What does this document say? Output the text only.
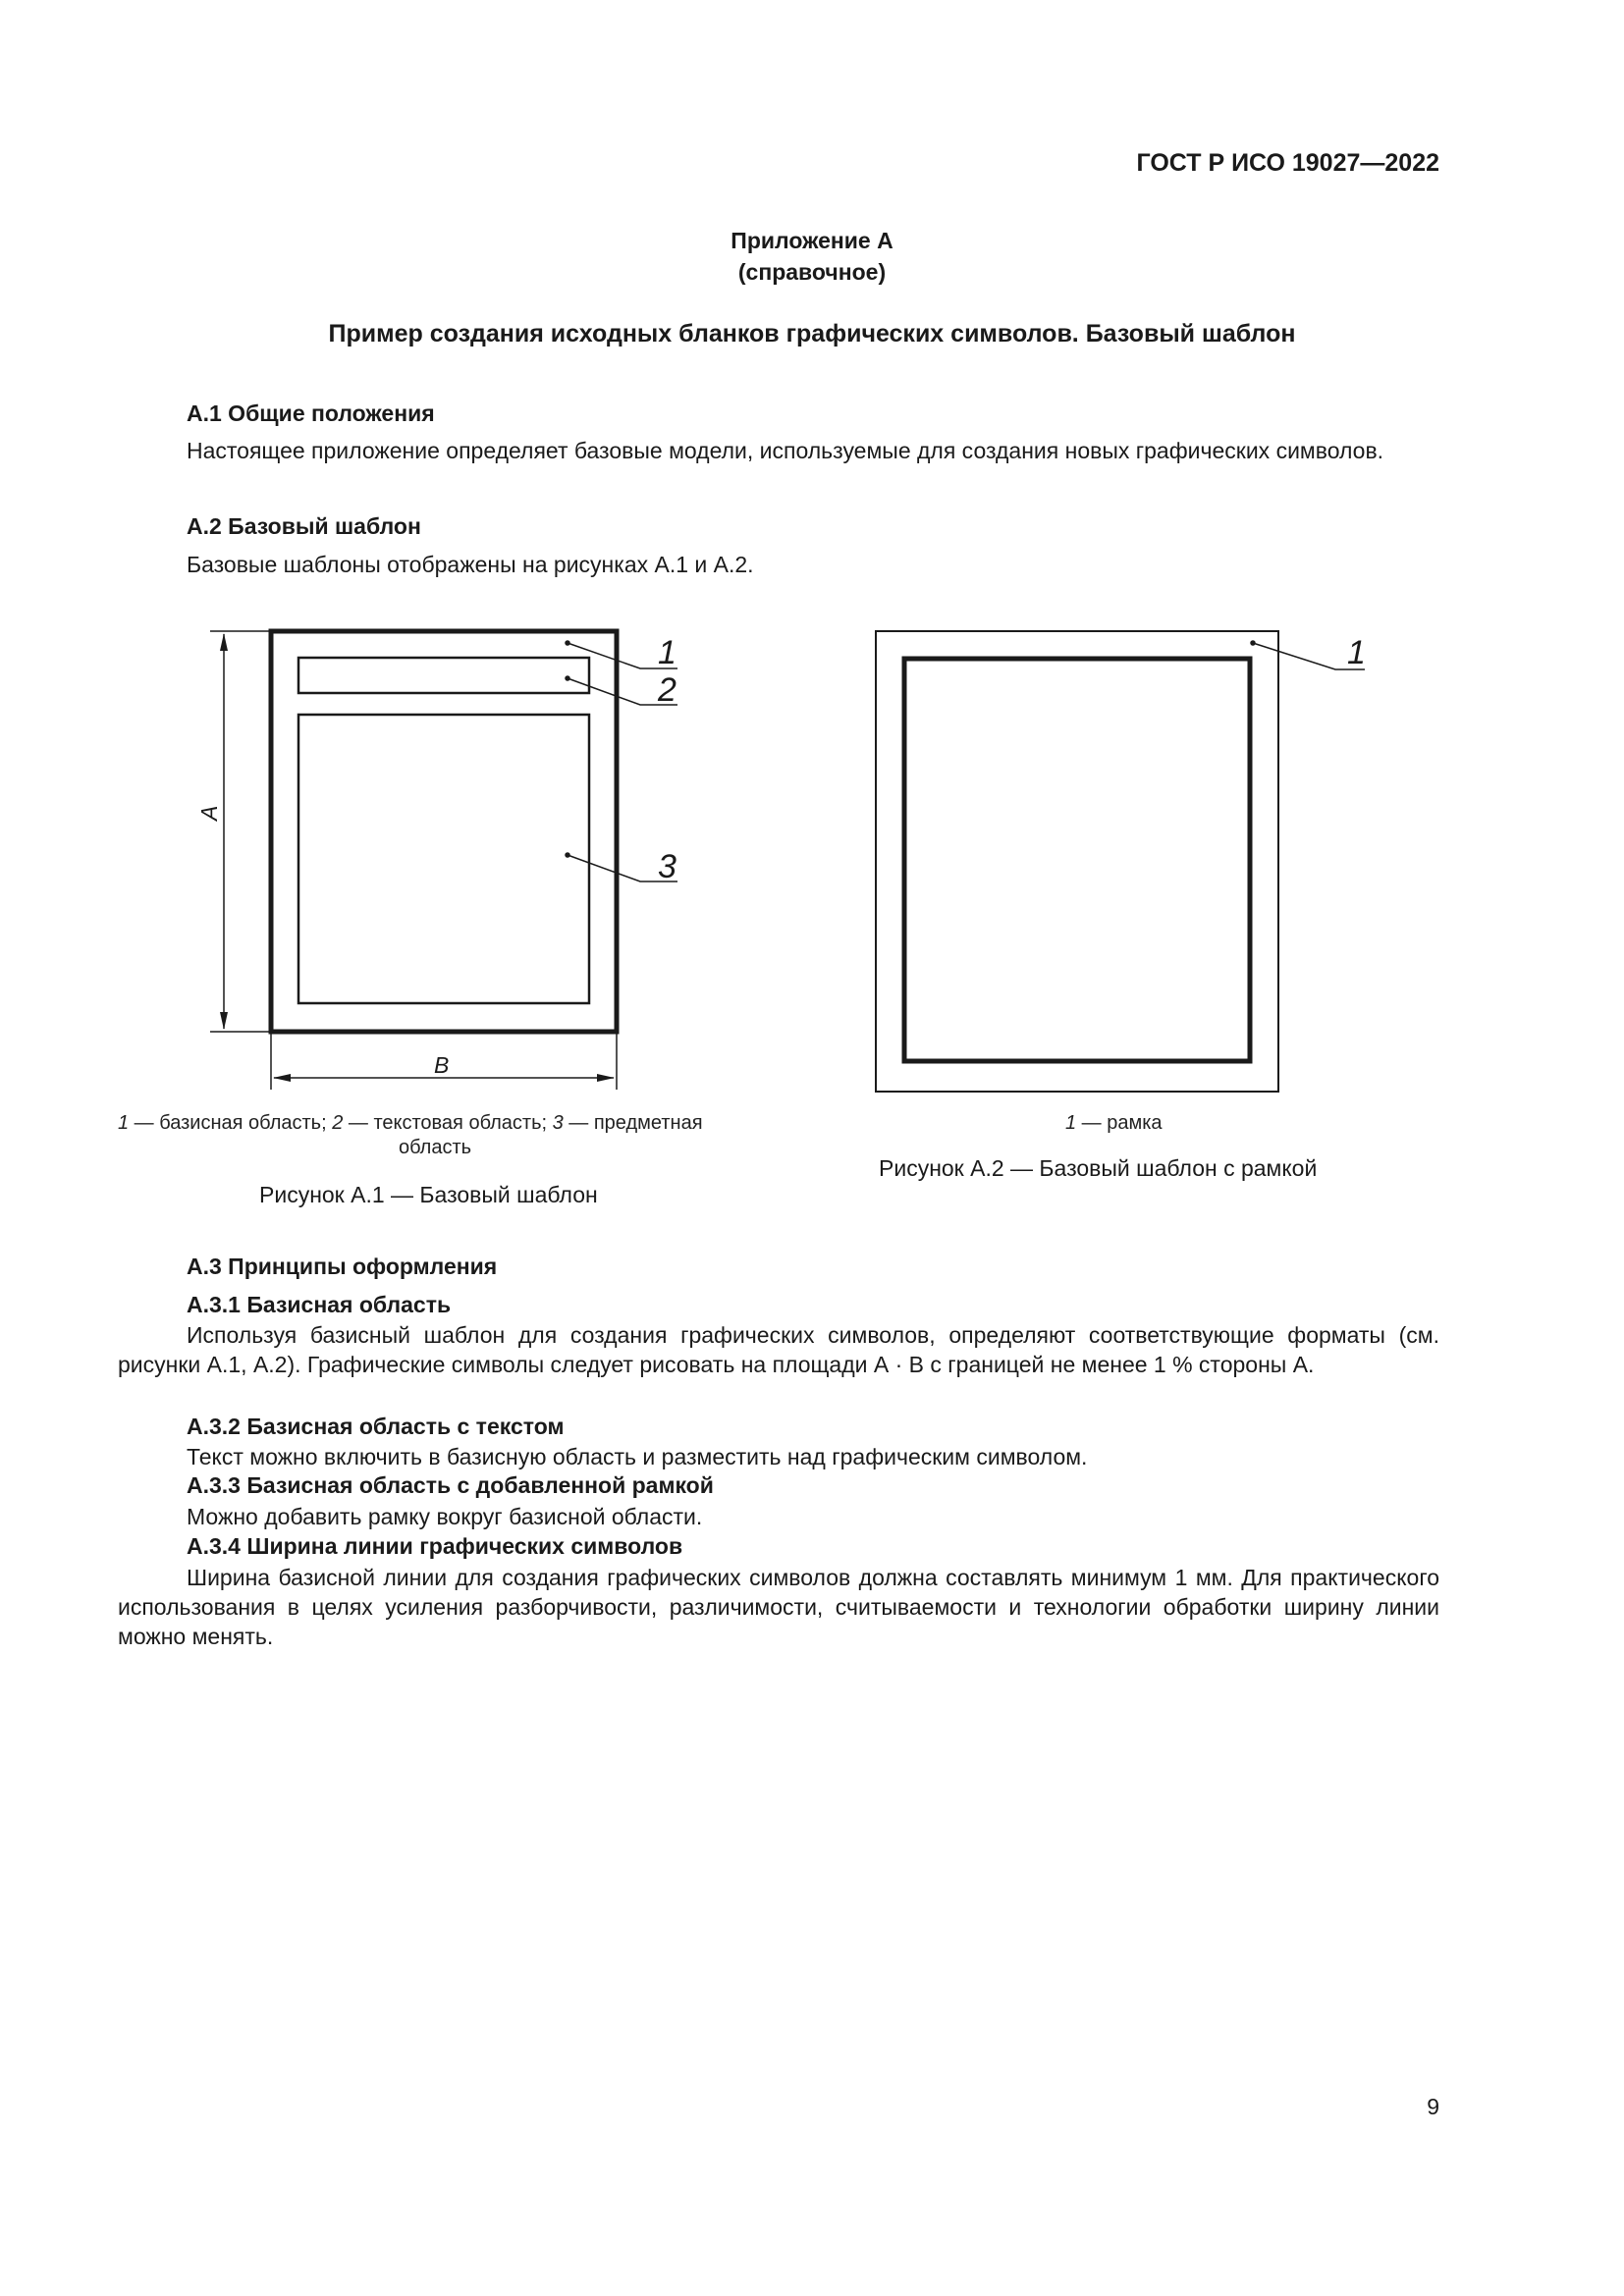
ГОСТ Р ИСО 19027—2022
Приложение А
(справочное)
Пример создания исходных бланков графических символов. Базовый шаблон
А.1 Общие положения
Настоящее приложение определяет базовые модели, используемые для создания новых графических символов.
А.2 Базовый шаблон
Базовые шаблоны отображены на рисунках А.1 и А.2.
1
2
3
А
В
1
1 — базисная область; 2 — текстовая область; 3 — предметная
область
Рисунок А.1 — Базовый шаблон
1 — рамка
Рисунок А.2 — Базовый шаблон с рамкой
А.3 Принципы оформления
А.3.1 Базисная область
Используя базисный шаблон для создания графических символов, определяют соответствующие форматы (см. рисунки А.1, А.2). Графические символы следует рисовать на площади А · В с границей не менее 1 % стороны А.
А.3.2 Базисная область с текстом
Текст можно включить в базисную область и разместить над графическим символом.
А.3.3 Базисная область с добавленной рамкой
Можно добавить рамку вокруг базисной области.
А.3.4 Ширина линии графических символов
Ширина базисной линии для создания графических символов должна составлять минимум 1 мм. Для практического использования в целях усиления разборчивости, различимости, считываемости и технологии обработки ширину линии можно менять.
9
